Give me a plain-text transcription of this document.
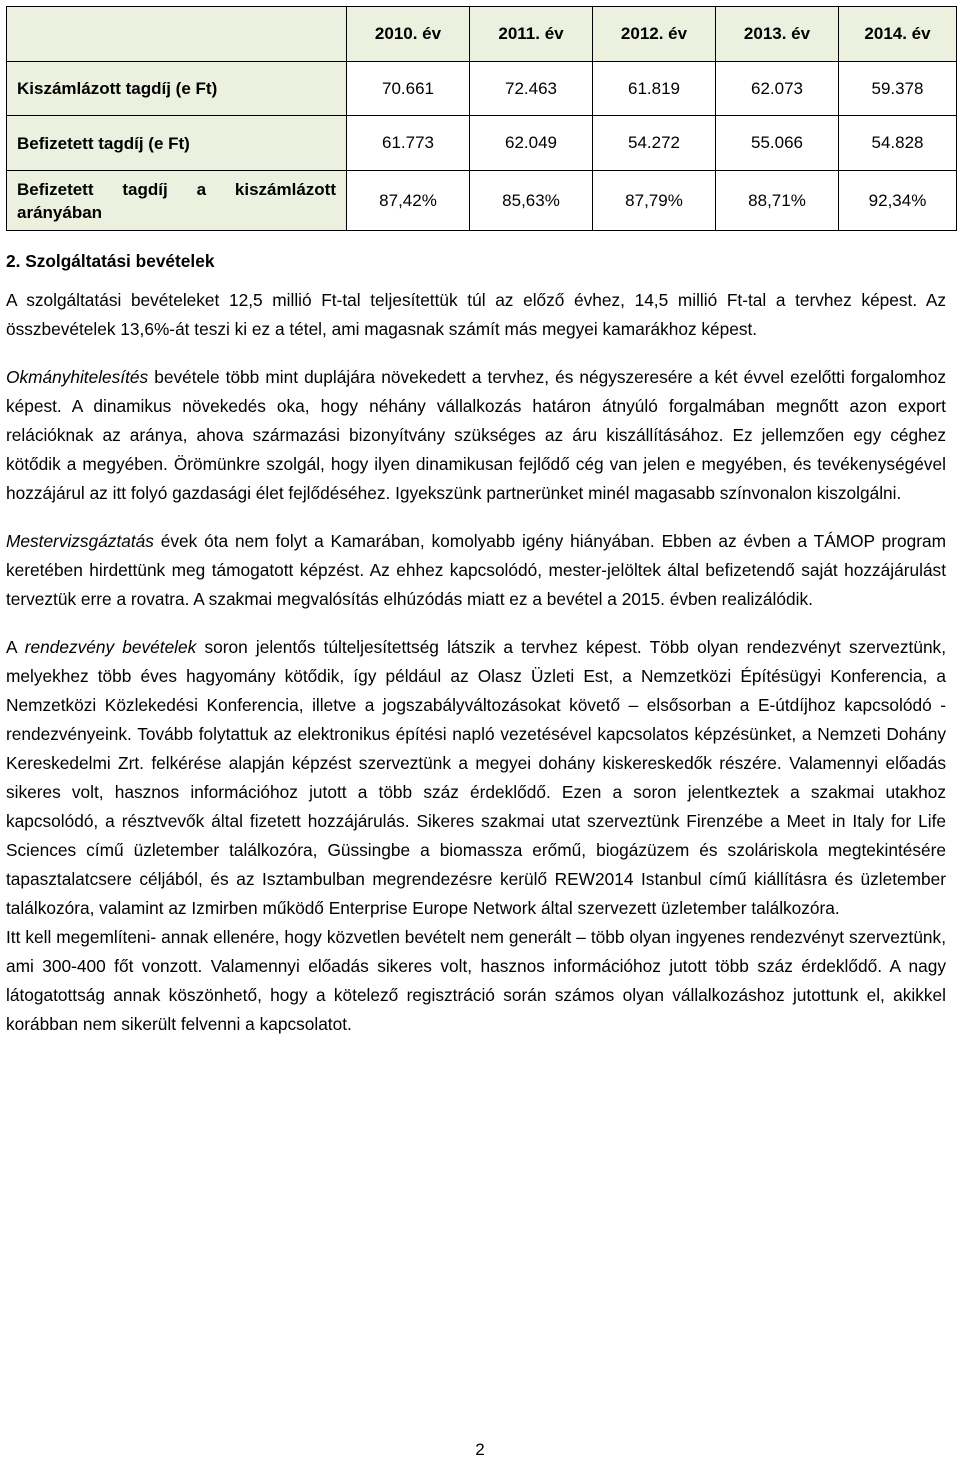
	2010. év	2011. év	2012. év	2013. év	2014. év
Kiszámlázott tagdíj (e Ft)	70.661	72.463	61.819	62.073	59.378
Befizetett tagdíj (e Ft)	61.773	62.049	54.272	55.066	54.828

Befizetett tagdíj a kiszámlázott
arányában	87,42%	85,63%	87,79%	88,71%	92,34%
2. Szolgáltatási bevételek

A szolgáltatási bevételeket 12,5 millió Ft-tal teljesítettük túl az előző évhez, 14,5 millió Ft-tal a tervhez képest. Az összbevételek 13,6%-át teszi ki ez a tétel, ami magasnak számít más megyei kamarákhoz képest.

Okmányhitelesítés bevétele több mint duplájára növekedett a tervhez, és négyszeresére a két évvel ezelőtti forgalomhoz képest. A dinamikus növekedés oka, hogy néhány vállalkozás határon átnyúló forgalmában megnőtt azon export relációknak az aránya, ahova származási bizonyítvány szükséges az áru kiszállításához. Ez jellemzően egy céghez kötődik a megyében. Örömünkre szolgál, hogy ilyen dinamikusan fejlődő cég van jelen e megyében, és tevékenységével hozzájárul az itt folyó gazdasági élet fejlődéséhez. Igyekszünk partnerünket minél magasabb színvonalon kiszolgálni.

Mestervizsgáztatás évek óta nem folyt a Kamarában, komolyabb igény hiányában. Ebben az évben a TÁMOP program keretében hirdettünk meg támogatott képzést. Az ehhez kapcsolódó, mester-jelöltek által befizetendő saját hozzájárulást terveztük erre a rovatra. A szakmai megvalósítás elhúzódás miatt ez a bevétel a 2015. évben realizálódik.

A rendezvény bevételek soron jelentős túlteljesítettség látszik a tervhez képest. Több olyan rendezvényt szerveztünk, melyekhez több éves hagyomány kötődik, így például az Olasz Üzleti Est, a Nemzetközi Építésügyi Konferencia, a Nemzetközi Közlekedési Konferencia, illetve a jogszabályváltozásokat követő – elsősorban a E-útdíjhoz kapcsolódó - rendezvényeink. Tovább folytattuk az elektronikus építési napló vezetésével kapcsolatos képzésünket, a Nemzeti Dohány Kereskedelmi Zrt. felkérése alapján képzést szerveztünk a megyei dohány kiskereskedők részére. Valamennyi előadás sikeres volt, hasznos információhoz jutott a több száz érdeklődő. Ezen a soron jelentkeztek a szakmai utakhoz kapcsolódó, a résztvevők által fizetett hozzájárulás. Sikeres szakmai utat szerveztünk Firenzébe a Meet in Italy for Life Sciences című üzletember találkozóra, Güssingbe a biomassza erőmű, biogázüzem és szoláriskola megtekintésére tapasztalatcsere céljából, és az Isztambulban megrendezésre kerülő REW2014 Istanbul című kiállításra és üzletember találkozóra, valamint az Izmirben működő Enterprise Europe Network által szervezett üzletember találkozóra.

Itt kell megemlíteni- annak ellenére, hogy közvetlen bevételt nem generált – több olyan ingyenes rendezvényt szerveztünk, ami 300-400 főt vonzott. Valamennyi előadás sikeres volt, hasznos információhoz jutott több száz érdeklődő. A nagy látogatottság annak köszönhető, hogy a kötelező regisztráció során számos olyan vállalkozáshoz jutottunk el, akikkel korábban nem sikerült felvenni a kapcsolatot.

2
